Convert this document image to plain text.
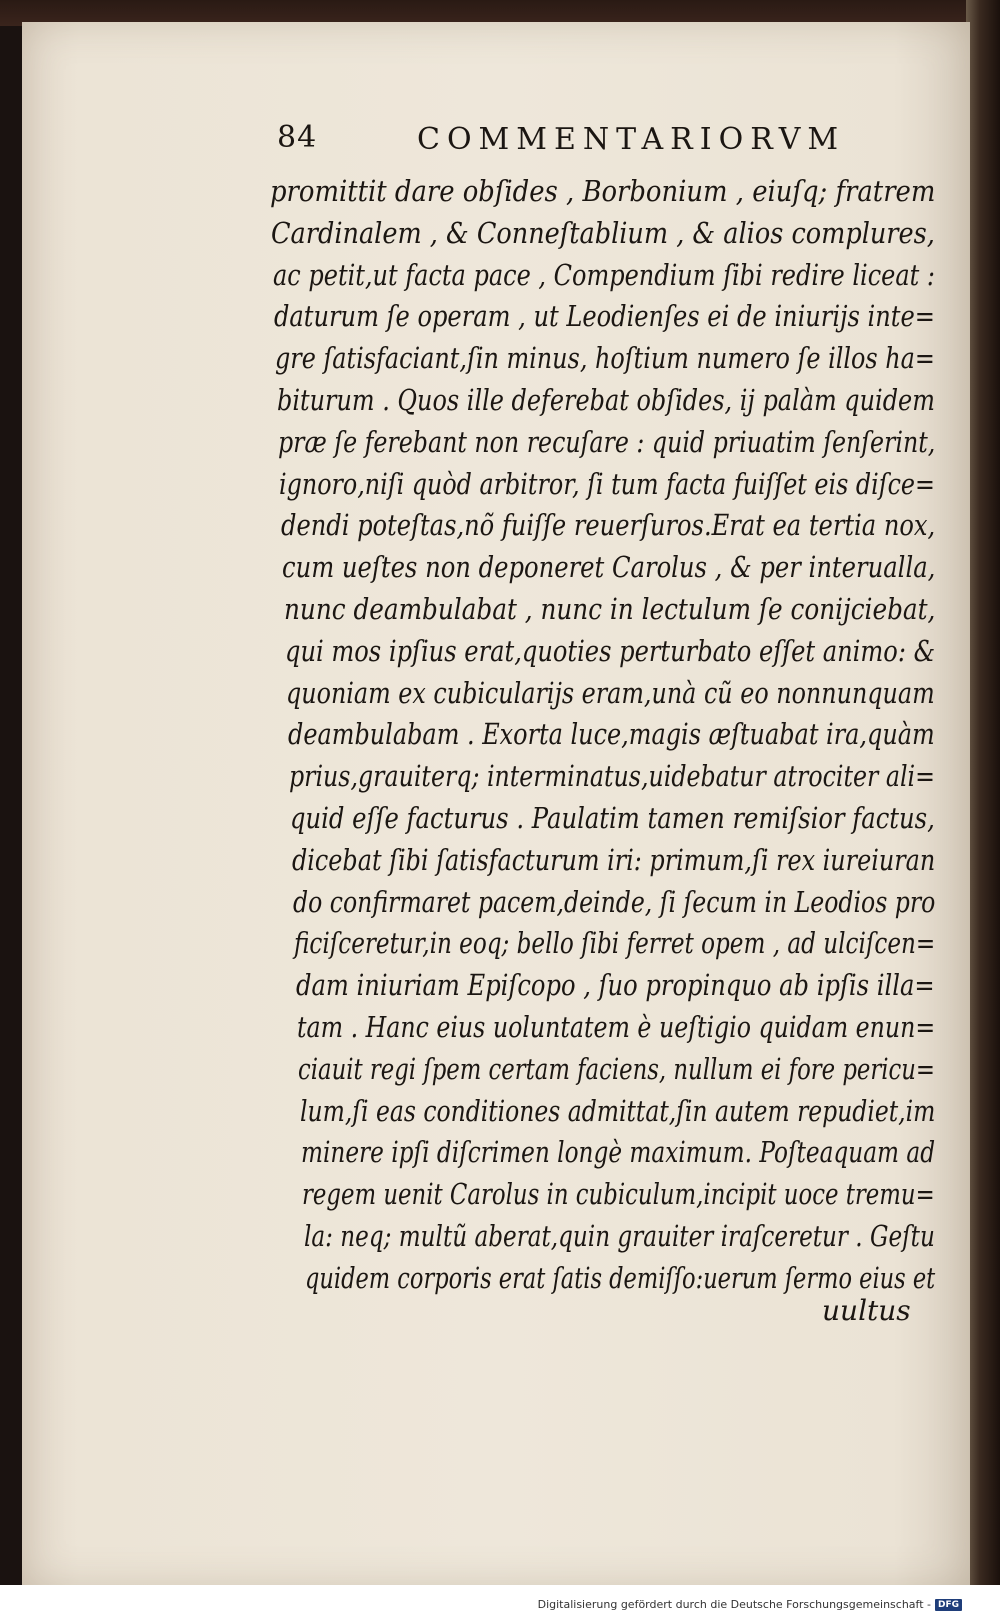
84	COMMENTARIORVM
promittit dare obſides , Borbonium , eiuſq; fratrem
Cardinalem , & Conneſtablium , & alios complures,
ac petit,ut facta pace , Compendium ſibi redire liceat :
daturum ſe operam , ut Leodienſes ei de iniurijs inte=
gre ſatisfaciant,ſin minus, hoſtium numero ſe illos ha=
biturum . Quos ille deferebat obſides, ij palàm quidem
præ ſe ferebant non recuſare : quid priuatim ſenſerint,
ignoro,niſi quòd arbitror, ſi tum facta fuiſſet eis diſce=
dendi poteſtas,nõ fuiſſe reuerſuros.Erat ea tertia nox,
cum ueſtes non deponeret Carolus , & per interualla,
nunc deambulabat , nunc in lectulum ſe conijciebat,
qui mos ipſius erat,quoties perturbato eſſet animo: &
quoniam ex cubicularijs eram,unà cũ eo nonnunquam
deambulabam . Exorta luce,magis æſtuabat ira,quàm
prius,grauiterq; interminatus,uidebatur atrociter ali=
quid eſſe facturus . Paulatim tamen remiſsior factus,
dicebat ſibi ſatisfacturum iri: primum,ſi rex iureiuran
do confirmaret pacem,deinde, ſi ſecum in Leodios pro
ficiſceretur,in eoq; bello ſibi ferret opem , ad ulciſcen=
dam iniuriam Epiſcopo , ſuo propinquo ab ipſis illa=
tam . Hanc eius uoluntatem è ueſtigio quidam enun=
ciauit regi ſpem certam faciens, nullum ei fore pericu=
lum,ſi eas conditiones admittat,ſin autem repudiet,im
minere ipſi diſcrimen longè maximum. Poſteaquam ad
regem uenit Carolus in cubiculum,incipit uoce tremu=
la: neq; multũ aberat,quin grauiter iraſceretur . Geſtu
quidem corporis erat ſatis demiſſo:uerum ſermo eius et
uultus
Digitalisierung gefördert durch die Deutsche Forschungsgemeinschaft - DFG
